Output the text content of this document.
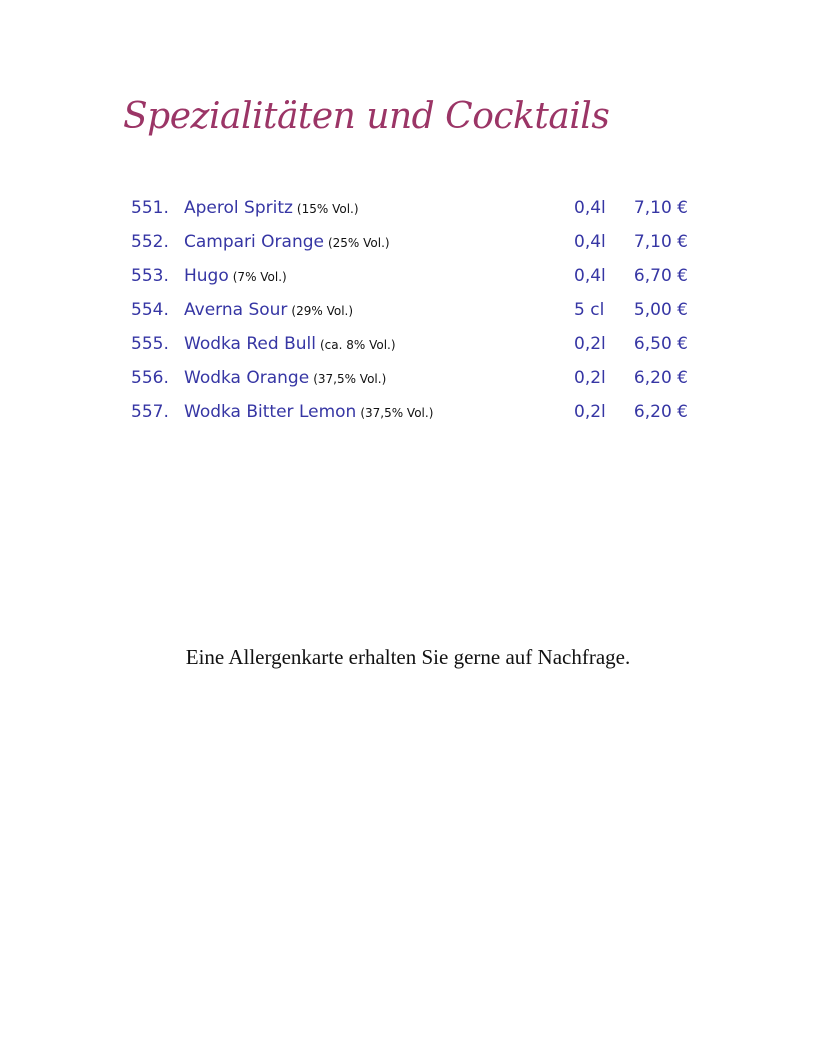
Spezialitäten und Cocktails
551. Aperol Spritz (15% Vol.)	0,4l 7,10 €
552. Campari Orange (25% Vol.)	0,4l 7,10 €
553. Hugo (7% Vol.)	0,4l 6,70 €
554. Averna Sour (29% Vol.)	5 cl 5,00 €
555. Wodka Red Bull (ca. 8% Vol.)	0,2l 6,50 €
556. Wodka Orange (37,5% Vol.)	0,2l 6,20 €
557. Wodka Bitter Lemon (37,5% Vol.)	0,2l 6,20 €
Eine Allergenkarte erhalten Sie gerne auf Nachfrage.
